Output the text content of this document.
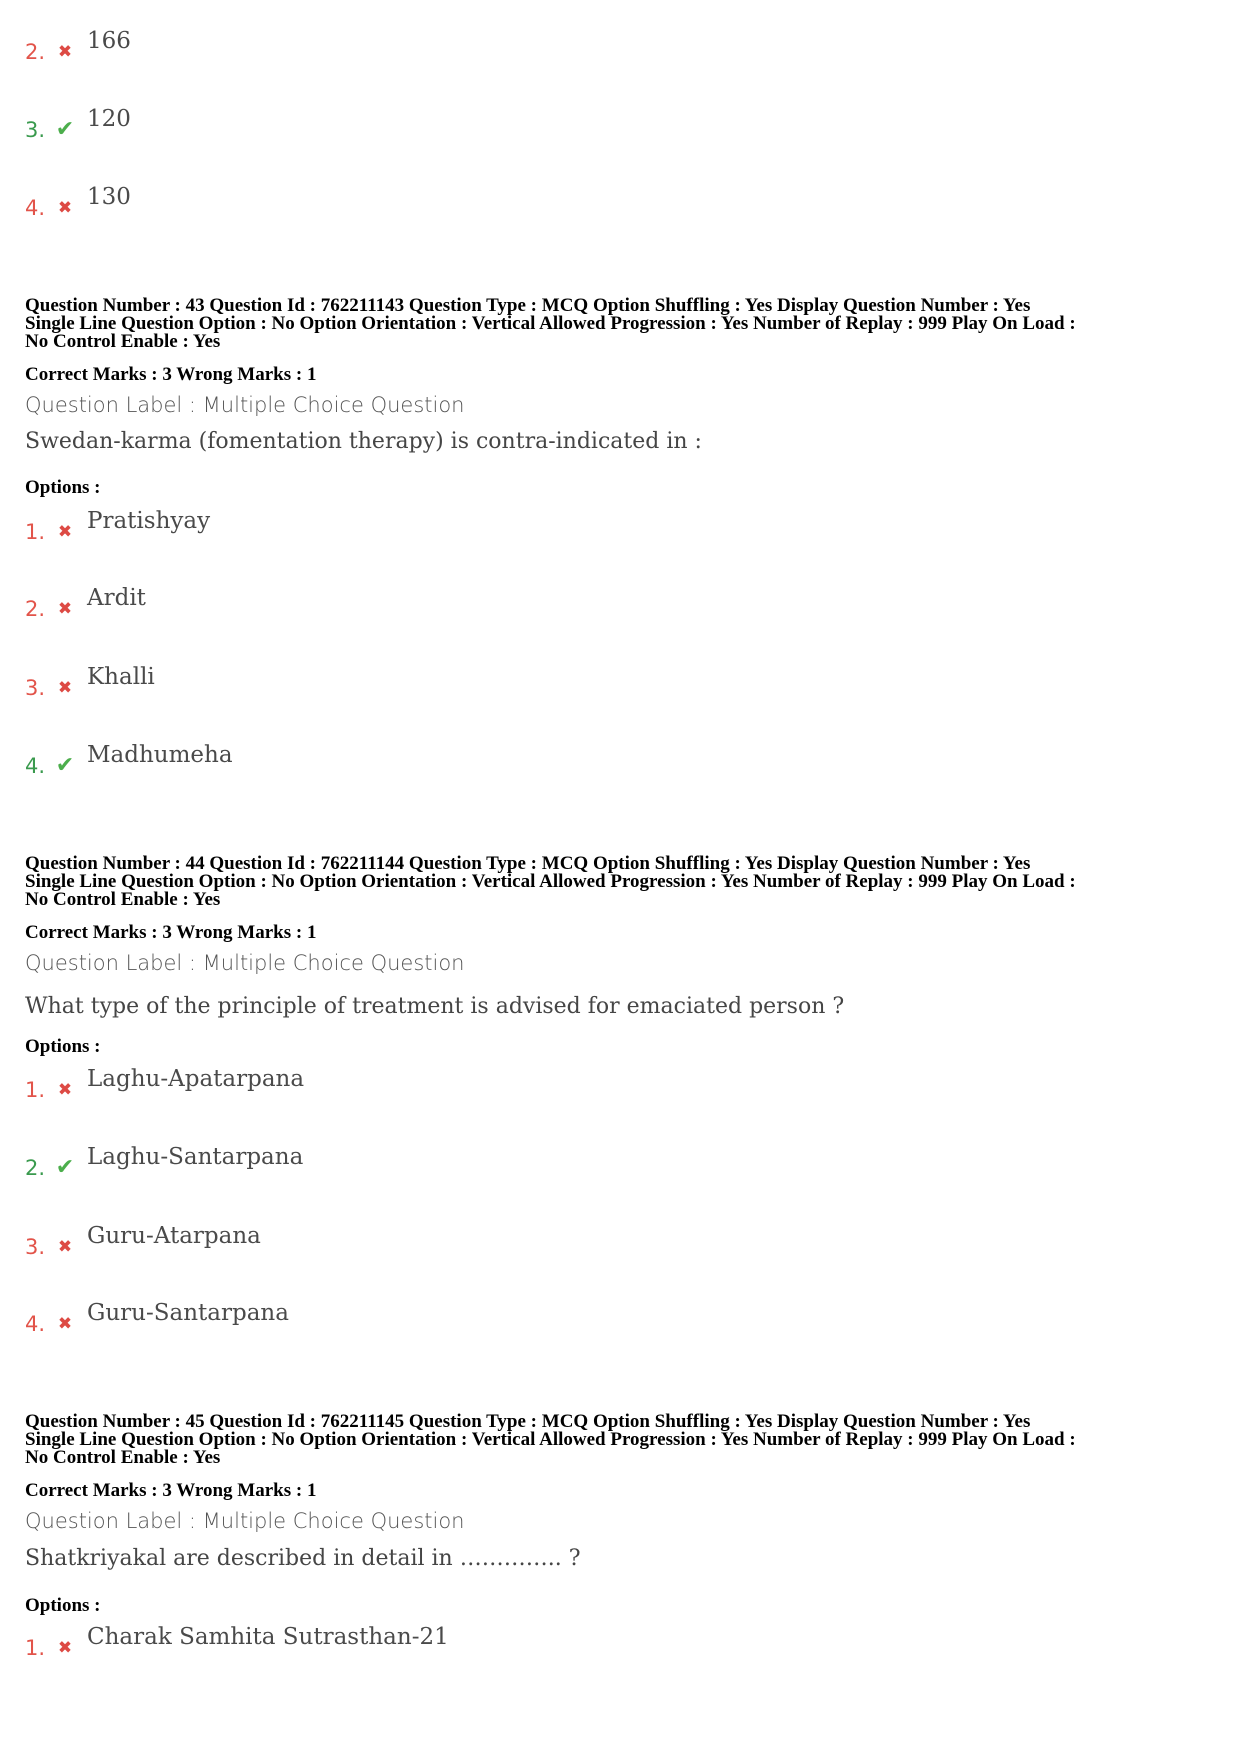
2. ✖ 166
3. ✔ 120
4. ✖ 130

Question Number : 43 Question Id : 762211143 Question Type : MCQ Option Shuffling : Yes Display Question Number : Yes

Single Line Question Option : No Option Orientation : Vertical Allowed Progression : Yes Number of Replay : 999 Play On Load :

No Control Enable : Yes

Correct Marks : 3 Wrong Marks : 1
Question Label : Multiple Choice Question
Swedan-karma (fomentation therapy) is contra-indicated in :
Options :
1. ✖ Pratishyay
2. ✖ Ardit
3. ✖ Khalli
4. ✔ Madhumeha

Question Number : 44 Question Id : 762211144 Question Type : MCQ Option Shuffling : Yes Display Question Number : Yes

Single Line Question Option : No Option Orientation : Vertical Allowed Progression : Yes Number of Replay : 999 Play On Load :

No Control Enable : Yes

Correct Marks : 3 Wrong Marks : 1
Question Label : Multiple Choice Question
What type of the principle of treatment is advised for emaciated person ?
Options :
1. ✖ Laghu-Apatarpana
2. ✔ Laghu-Santarpana
3. ✖ Guru-Atarpana
4. ✖ Guru-Santarpana

Question Number : 45 Question Id : 762211145 Question Type : MCQ Option Shuffling : Yes Display Question Number : Yes

Single Line Question Option : No Option Orientation : Vertical Allowed Progression : Yes Number of Replay : 999 Play On Load :

No Control Enable : Yes

Correct Marks : 3 Wrong Marks : 1
Question Label : Multiple Choice Question
Shatkriyakal are described in detail in ………….. ?
Options :
1. ✖ Charak Samhita Sutrasthan-21
